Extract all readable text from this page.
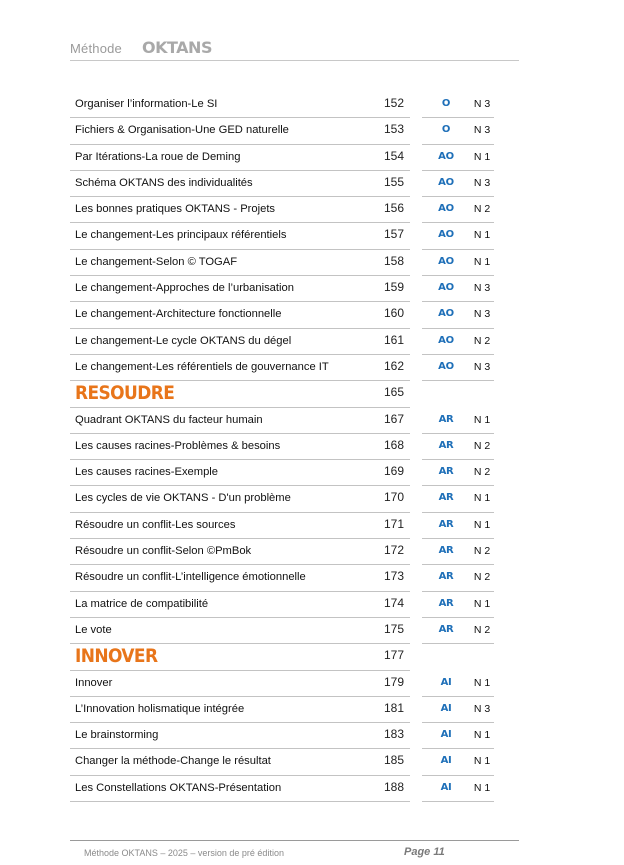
Méthode OKTANS
Organiser l’information-Le SI	152	O	N 3
Fichiers & Organisation-Une GED naturelle	153	O	N 3
Par Itérations-La roue de Deming	154	AO	N 1
Schéma OKTANS des individualités	155	AO	N 3
Les bonnes pratiques OKTANS - Projets	156	AO	N 2
Le changement-Les principaux référentiels	157	AO	N 1
Le changement-Selon © TOGAF	158	AO	N 1
Le changement-Approches de l’urbanisation	159	AO	N 3
Le changement-Architecture fonctionnelle	160	AO	N 3
Le changement-Le cycle OKTANS du dégel	161	AO	N 2
Le changement-Les référentiels de gouvernance IT	162	AO	N 3
RESOUDRE	165
Quadrant OKTANS du facteur humain	167	AR	N 1
Les causes racines-Problèmes & besoins	168	AR	N 2
Les causes racines-Exemple	169	AR	N 2
Les cycles de vie OKTANS - D'un problème	170	AR	N 1
Résoudre un conflit-Les sources	171	AR	N 1
Résoudre un conflit-Selon ©PmBok	172	AR	N 2
Résoudre un conflit-L’intelligence émotionnelle	173	AR	N 2
La matrice de compatibilité	174	AR	N 1
Le vote	175	AR	N 2
INNOVER	177
Innover	179	AI	N 1
L’Innovation holismatique intégrée	181	AI	N 3
Le brainstorming	183	AI	N 1
Changer la méthode-Change le résultat	185	AI	N 1
Les Constellations OKTANS-Présentation	188	AI	N 1
Méthode OKTANS – 2025 – version de pré édition	Page 11
